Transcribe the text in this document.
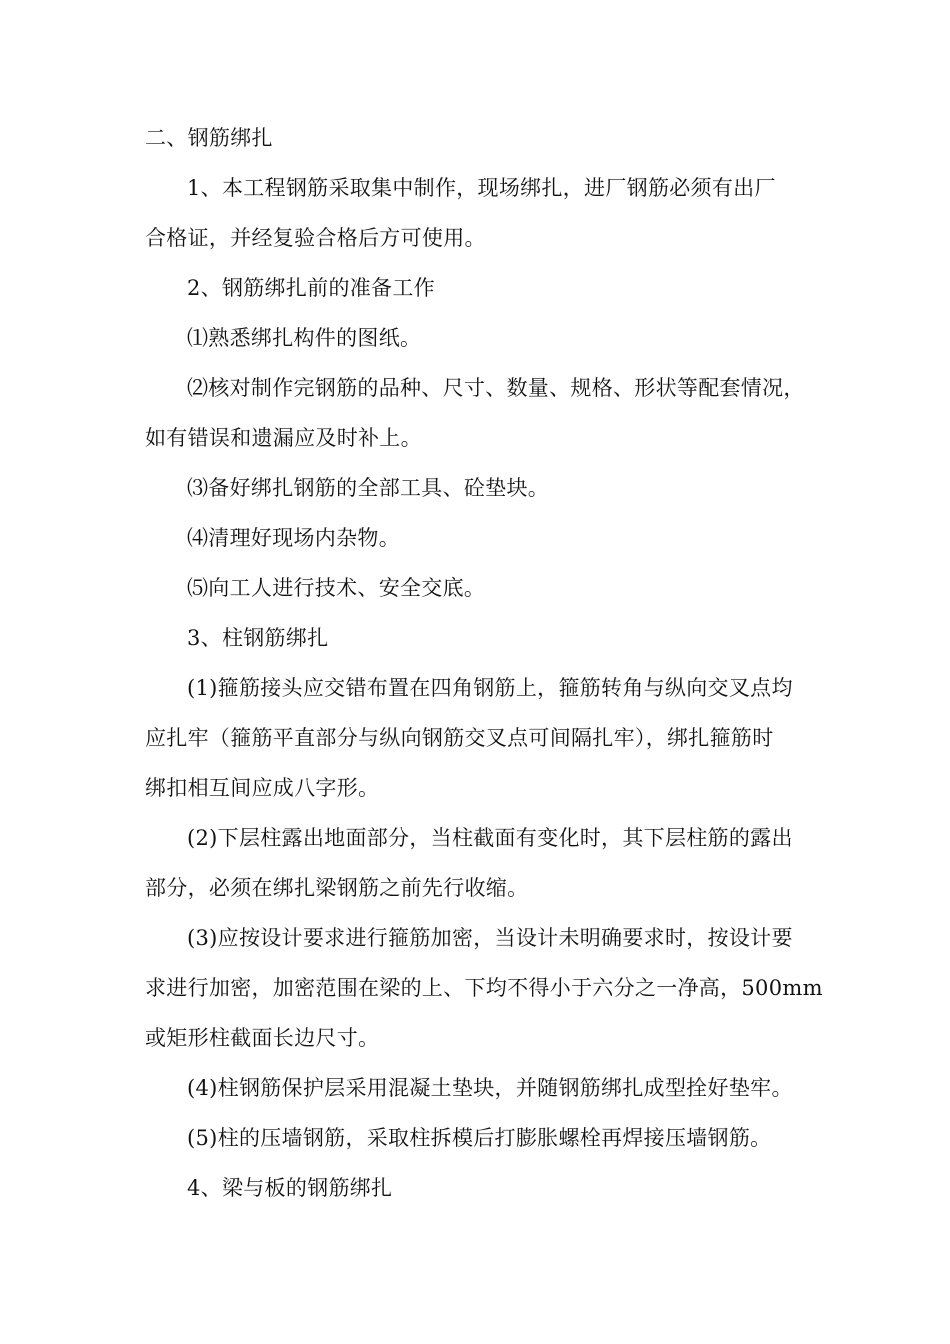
二、钢筋绑扎
1、本工程钢筋采取集中制作，现场绑扎，进厂钢筋必须有出厂
合格证，并经复验合格后方可使用。
2、钢筋绑扎前的准备工作
⑴熟悉绑扎构件的图纸。
⑵核对制作完钢筋的品种、尺寸、数量、规格、形状等配套情况，
如有错误和遗漏应及时补上。
⑶备好绑扎钢筋的全部工具、砼垫块。
⑷清理好现场内杂物。
⑸向工人进行技术、安全交底。
3、柱钢筋绑扎
(1)箍筋接头应交错布置在四角钢筋上，箍筋转角与纵向交叉点均
应扎牢（箍筋平直部分与纵向钢筋交叉点可间隔扎牢），绑扎箍筋时
绑扣相互间应成八字形。
(2)下层柱露出地面部分，当柱截面有变化时，其下层柱筋的露出
部分，必须在绑扎梁钢筋之前先行收缩。
(3)应按设计要求进行箍筋加密，当设计未明确要求时，按设计要
求进行加密，加密范围在梁的上、下均不得小于六分之一净高，500mm
或矩形柱截面长边尺寸。
(4)柱钢筋保护层采用混凝土垫块，并随钢筋绑扎成型拴好垫牢。
(5)柱的压墙钢筋，采取柱拆模后打膨胀螺栓再焊接压墙钢筋。
4、梁与板的钢筋绑扎
